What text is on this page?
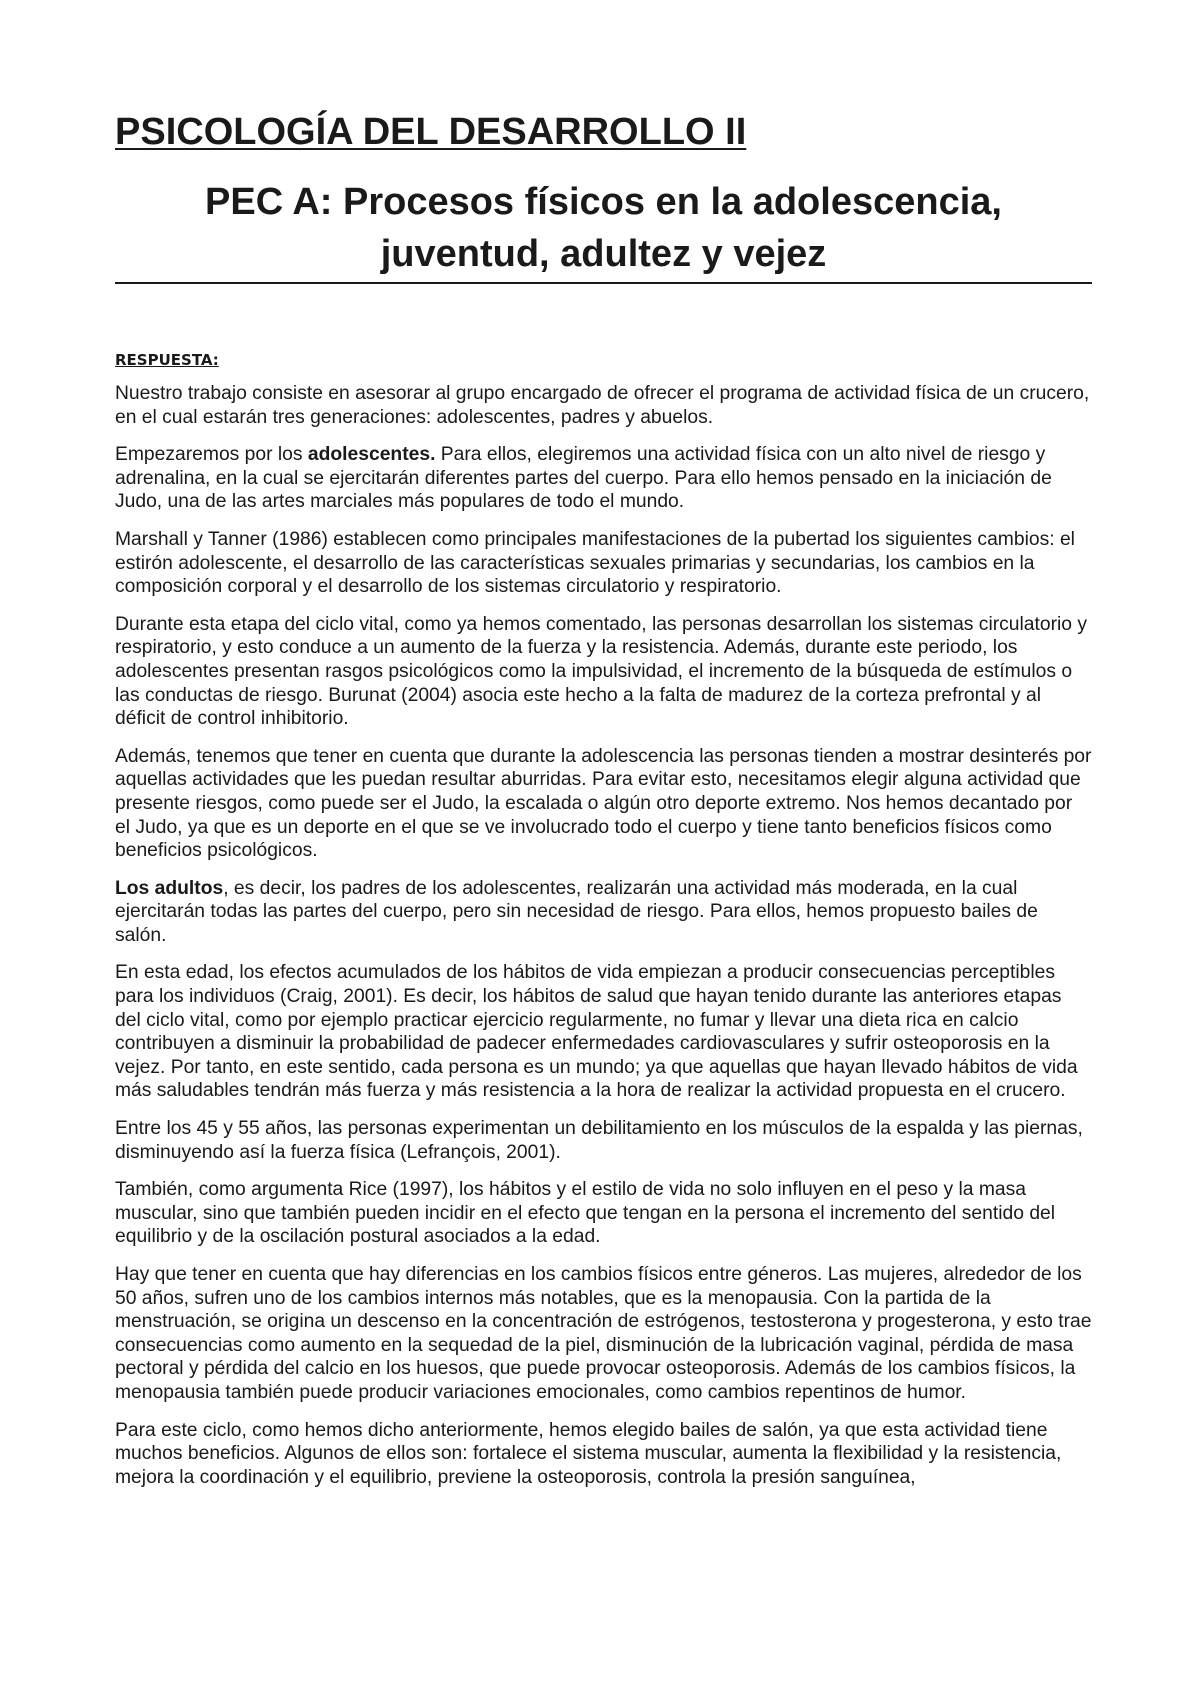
PSICOLOGÍA DEL DESARROLLO II
PEC A: Procesos físicos en la adolescencia,
juventud, adultez y vejez
RESPUESTA:

Nuestro trabajo consiste en asesorar al grupo encargado de ofrecer el programa de actividad física de un crucero, en el cual estarán tres generaciones: adolescentes, padres y abuelos.

Empezaremos por los adolescentes. Para ellos, elegiremos una actividad física con un alto nivel de riesgo y adrenalina, en la cual se ejercitarán diferentes partes del cuerpo. Para ello hemos pensado en la iniciación de Judo, una de las artes marciales más populares de todo el mundo.

Marshall y Tanner (1986) establecen como principales manifestaciones de la pubertad los siguientes cambios: el estirón adolescente, el desarrollo de las características sexuales primarias y secundarias, los cambios en la composición corporal y el desarrollo de los sistemas circulatorio y respiratorio.

Durante esta etapa del ciclo vital, como ya hemos comentado, las personas desarrollan los sistemas circulatorio y respiratorio, y esto conduce a un aumento de la fuerza y la resistencia. Además, durante este periodo, los adolescentes presentan rasgos psicológicos como la impulsividad, el incremento de la búsqueda de estímulos o las conductas de riesgo. Burunat (2004) asocia este hecho a la falta de madurez de la corteza prefrontal y al déficit de control inhibitorio.

Además, tenemos que tener en cuenta que durante la adolescencia las personas tienden a mostrar desinterés por aquellas actividades que les puedan resultar aburridas. Para evitar esto, necesitamos elegir alguna actividad que presente riesgos, como puede ser el Judo, la escalada o algún otro deporte extremo. Nos hemos decantado por el Judo, ya que es un deporte en el que se ve involucrado todo el cuerpo y tiene tanto beneficios físicos como beneficios psicológicos.

Los adultos, es decir, los padres de los adolescentes, realizarán una actividad más moderada, en la cual ejercitarán todas las partes del cuerpo, pero sin necesidad de riesgo. Para ellos, hemos propuesto bailes de salón.

En esta edad, los efectos acumulados de los hábitos de vida empiezan a producir consecuencias perceptibles para los individuos (Craig, 2001). Es decir, los hábitos de salud que hayan tenido durante las anteriores etapas del ciclo vital, como por ejemplo practicar ejercicio regularmente, no fumar y llevar una dieta rica en calcio contribuyen a disminuir la probabilidad de padecer enfermedades cardiovasculares y sufrir osteoporosis en la vejez. Por tanto, en este sentido, cada persona es un mundo; ya que aquellas que hayan llevado hábitos de vida más saludables tendrán más fuerza y más resistencia a la hora de realizar la actividad propuesta en el crucero.

Entre los 45 y 55 años, las personas experimentan un debilitamiento en los músculos de la espalda y las piernas, disminuyendo así la fuerza física (Lefrançois, 2001).

También, como argumenta Rice (1997), los hábitos y el estilo de vida no solo influyen en el peso y la masa muscular, sino que también pueden incidir en el efecto que tengan en la persona el incremento del sentido del equilibrio y de la oscilación postural asociados a la edad.

Hay que tener en cuenta que hay diferencias en los cambios físicos entre géneros. Las mujeres, alrededor de los 50 años, sufren uno de los cambios internos más notables, que es la menopausia. Con la partida de la menstruación, se origina un descenso en la concentración de estrógenos, testosterona y progesterona, y esto trae consecuencias como aumento en la sequedad de la piel, disminución de la lubricación vaginal, pérdida de masa pectoral y pérdida del calcio en los huesos, que puede provocar osteoporosis. Además de los cambios físicos, la menopausia también puede producir variaciones emocionales, como cambios repentinos de humor.

Para este ciclo, como hemos dicho anteriormente, hemos elegido bailes de salón, ya que esta actividad tiene muchos beneficios. Algunos de ellos son: fortalece el sistema muscular, aumenta la flexibilidad y la resistencia, mejora la coordinación y el equilibrio, previene la osteoporosis, controla la presión sanguínea,
